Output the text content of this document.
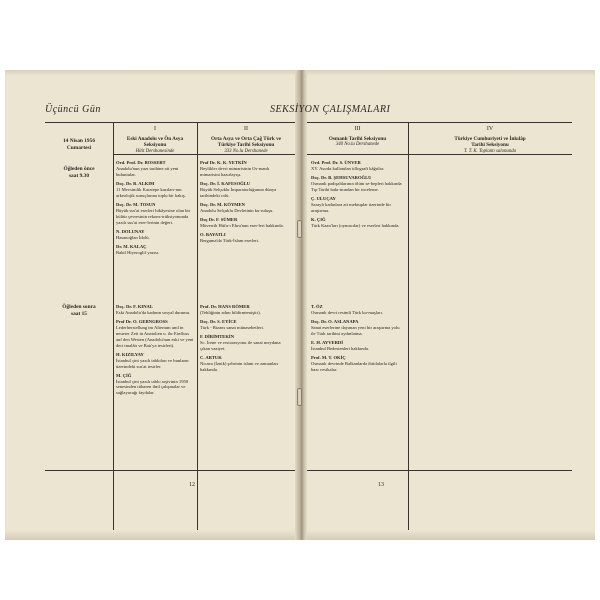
Üçüncü Gün	SEKSİYON ÇALIŞMALARI
14 Nisan 1956
Cumartesi
Öğleden önce
saat 9.30
Öğleden sonra
saat 15
I
Eski Anadolu ve Ön Asya
Seksiyonu
Hitit Dershanesinde
II
Orta Asya ve Orta Çağ Türk ve
Türkiye Tarihi Seksiyonu
333 No.lu Dershanede
III
Osmanlı Tarihi Seksiyonu
340 No.lu Dershanede
IV
Türkiye Cumhuriyeti ve İnkılâp
Tarihi Seksiyonu
T. T. K. Toplantı salonunda
Ord. Prof. Dr. BOSSERT
Anadolu'nun yazı tarihine ait yeni buluntular.
Doç. Dr. B. ALKIM
11 Mevsimlik Karatepe kazıları-nın arkeolojik sonuçlarına toplu bir bakış.
Doç. Dr. M. TOSUN
Büyük sus'ai eserleri hikâyesine olan bir kültür çevresinin rekons-trüksiyonunda yazılı sus'ai eser-lerinin değeri.
N. DOLUNAY
Hasanoğlan İdolü.
Dr. M. KALAÇ
Babil Hiyeroglif yazısı.
Doç. Dr. F. KINAL
Eski Anadolu'da kadının sosyal durumu.
Prof Dr. O. GERNGROSS
Lederherstellung im Altertum und in neuerer Zeit in Anatolien u. ihr Einfluss auf den Westen (Anadolu'nun eski ve yeni deri imalâtı ve Batı'ya tesirleri).
H. KIZILYAY
İstanbul çini yazılı tabloları ve bunların üzerindeki sus'ai tesirler.
M. ÇİĞ
İstanbul çini yazılı tablo arşivinin 1950 senesinden itibaren ilmî çalışmalar ve sağlayacağı faydalar.
Prof Dr. K. K. YETKİN
Beylikler devri mimarisinin Os-manlı mimarisini hazırlayışı.
Doç. Dr. İ. KAFESOĞLU
Büyük Selçuklu İmparatorluğunun dünya tarihindeki rolü.
Doç. Dr. M. KÖYMEN
Anadolu Selçuklu Devletinin ku-ruluşu.
Doç Dr. F. SÜMER
Müverrih Hüfu-ı Ebru'nun eser-leri hakkında.
O. BAYATLI
Bergama'da Türk-İslam eserleri.
Prof. Dr. HANS RÖMER
(Tebliğinin adını bildirmemiştir).
Doç. Dr. S. EYİCE
Türk - Bizans sanat münasebetleri.
F. DİRİMTEKİN
Sc. İrene ve restorasyonu ile sanat meydana çıkan vaziyet.
C. ARTUK
Nicaea (İznik) şehrinin islam ve zamanları hakkında.
Ord. Prof. Dr. S. ÜNVER
XV. Asırda kullanılan tıllografi kâğıtlar.
Doç. Dr. B. ŞEHSUVAROĞLU
Osmanlı padişahlarının ölüm se-bepleri hakkında Tıp Tarihi bakı-mından bir inceleme.
Ç. ULUÇAY
Saraylı kadınlara ait mektuplar üzerinde bir araştırma.
K. ÇIĞ
Türk Kaan'ları (oymacılar) ve eserleri hakkında.
T. ÖZ
Osmanlı devri resimli Türk ku-maşları.
Doç. Dr. O. ASLANAPA
Sanat eserlerine dayanan yeni bir araştırma yolu ile Türk tarihini aydınlatma.
E. H. AYVERDİ
İstanbul Bedestenleri hakkında.
Prof. M. T. OKİÇ
Osmanlı devrinde Balkanlarda ibtidalarla ilgili bazı vesikalar.
12	13
